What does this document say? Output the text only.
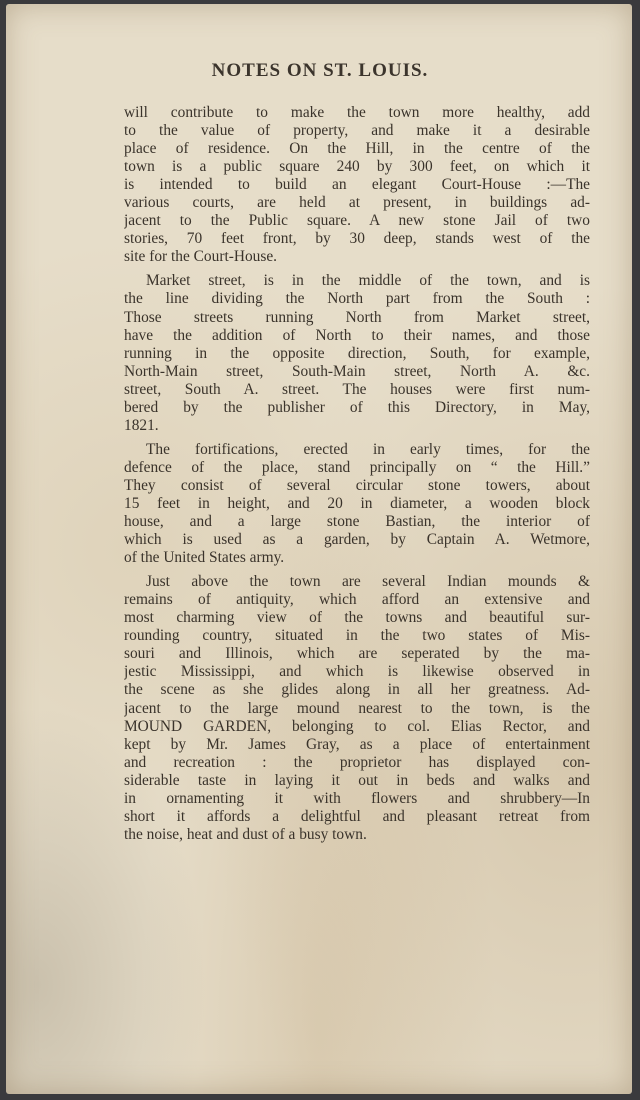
NOTES ON ST. LOUIS.
will contribute to make the town more healthy, add
to the value of property, and make it a desirable
place of residence. On the Hill, in the centre of the
town is a public square 240 by 300 feet, on which it
is intended to build an elegant Court-House :—The
various courts, are held at present, in buildings ad-
jacent to the Public square. A new stone Jail of two
stories, 70 feet front, by 30 deep, stands west of the
site for the Court-House.
Market street, is in the middle of the town, and is
the line dividing the North part from the South :
Those streets running North from Market street,
have the addition of North to their names, and those
running in the opposite direction, South, for example,
North-Main street, South-Main street, North A. &c.
street, South A. street. The houses were first num-
bered by the publisher of this Directory, in May,
1821.
The fortifications, erected in early times, for the
defence of the place, stand principally on “ the Hill.”
They consist of several circular stone towers, about
15 feet in height, and 20 in diameter, a wooden block
house, and a large stone Bastian, the interior of
which is used as a garden, by Captain A. Wetmore,
of the United States army.
Just above the town are several Indian mounds &
remains of antiquity, which afford an extensive and
most charming view of the towns and beautiful sur-
rounding country, situated in the two states of Mis-
souri and Illinois, which are seperated by the ma-
jestic Mississippi, and which is likewise observed in
the scene as she glides along in all her greatness. Ad-
jacent to the large mound nearest to the town, is the
MOUND GARDEN, belonging to col. Elias Rector, and
kept by Mr. James Gray, as a place of entertainment
and recreation : the proprietor has displayed con-
siderable taste in laying it out in beds and walks and
in ornamenting it with flowers and shrubbery—In
short it affords a delightful and pleasant retreat from
the noise, heat and dust of a busy town.
